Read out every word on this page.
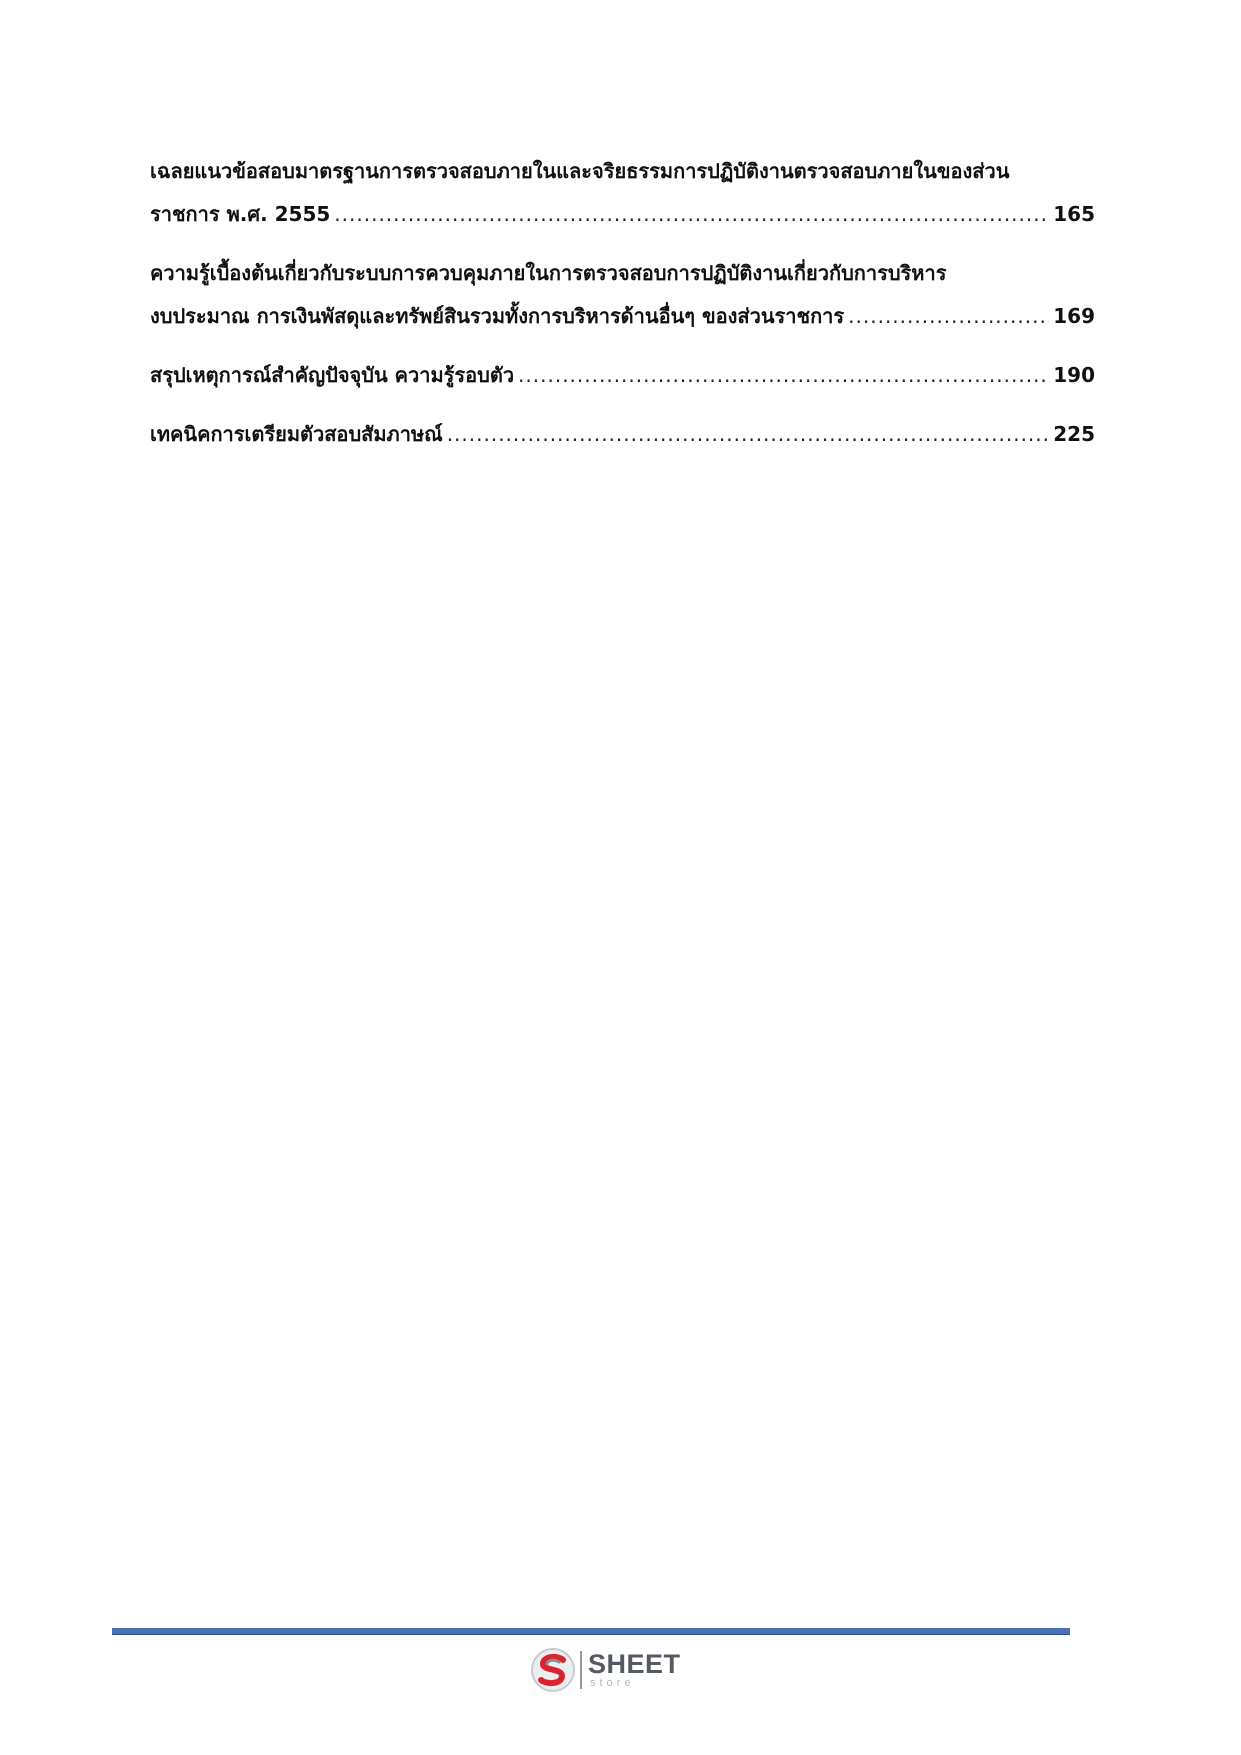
เฉลยแนวข้อสอบมาตรฐานการตรวจสอบภายในและจริยธรรมการปฏิบัติงานตรวจสอบภายในของส่วน
ราชการ พ.ศ. 2555 .....	165
ความรู้เบื้องต้นเกี่ยวกับระบบการควบคุมภายในการตรวจสอบการปฏิบัติงานเกี่ยวกับการบริหาร
งบประมาณ การเงินพัสดุและทรัพย์สินรวมทั้งการบริหารด้านอื่นๆ ของส่วนราชการ .....	169
สรุปเหตุการณ์สำคัญปัจจุบัน ความรู้รอบตัว .....	190
เทคนิคการเตรียมตัวสอบสัมภาษณ์ .....	225
SHEET
store
